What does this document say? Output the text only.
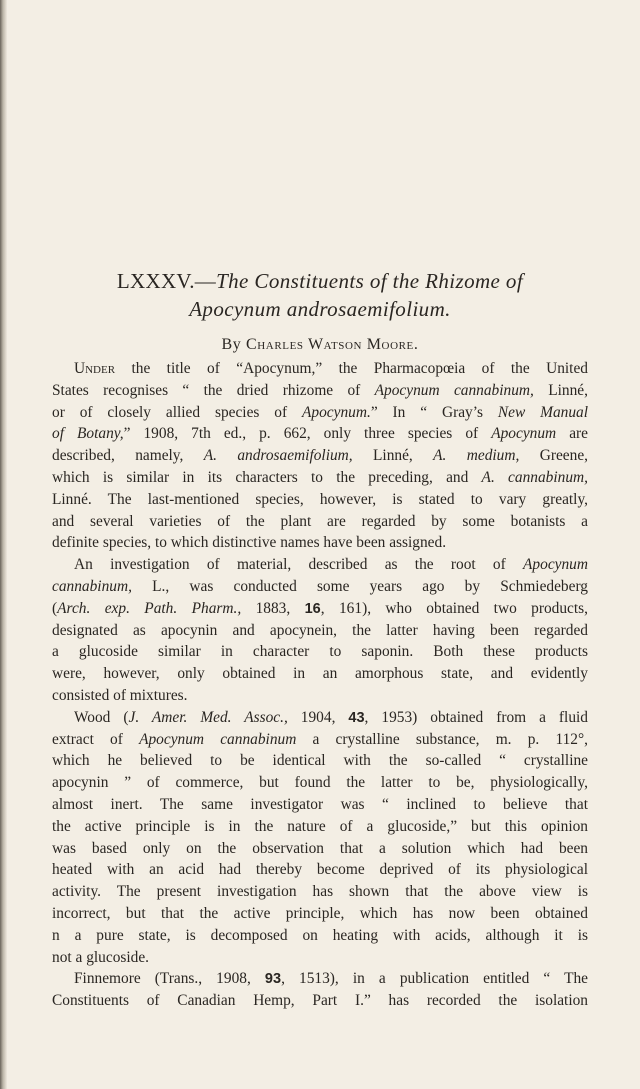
LXXXV.—The Constituents of the Rhizome of
Apocynum androsaemifolium.
By Charles Watson Moore.
Under the title of “Apocynum,” the Pharmacopœia of the United
States recognises “ the dried rhizome of Apocynum cannabinum, Linné,
or of closely allied species of Apocynum.” In “ Gray’s New Manual
of Botany,” 1908, 7th ed., p. 662, only three species of Apocynum are
described, namely, A. androsaemifolium, Linné, A. medium, Greene,
which is similar in its characters to the preceding, and A. cannabinum,
Linné. The last-mentioned species, however, is stated to vary greatly,
and several varieties of the plant are regarded by some botanists a
definite species, to which distinctive names have been assigned.
An investigation of material, described as the root of Apocynum
cannabinum, L., was conducted some years ago by Schmiedeberg
(Arch. exp. Path. Pharm., 1883, 16, 161), who obtained two products,
designated as apocynin and apocynein, the latter having been regarded
a glucoside similar in character to saponin. Both these products
were, however, only obtained in an amorphous state, and evidently
consisted of mixtures.
Wood (J. Amer. Med. Assoc., 1904, 43, 1953) obtained from a fluid
extract of Apocynum cannabinum a crystalline substance, m. p. 112°,
which he believed to be identical with the so-called “ crystalline
apocynin ” of commerce, but found the latter to be, physiologically,
almost inert. The same investigator was “ inclined to believe that
the active principle is in the nature of a glucoside,” but this opinion
was based only on the observation that a solution which had been
heated with an acid had thereby become deprived of its physiological
activity. The present investigation has shown that the above view is
incorrect, but that the active principle, which has now been obtained
n a pure state, is decomposed on heating with acids, although it is
not a glucoside.
Finnemore (Trans., 1908, 93, 1513), in a publication entitled “ The
Constituents of Canadian Hemp, Part I.” has recorded the isolation
